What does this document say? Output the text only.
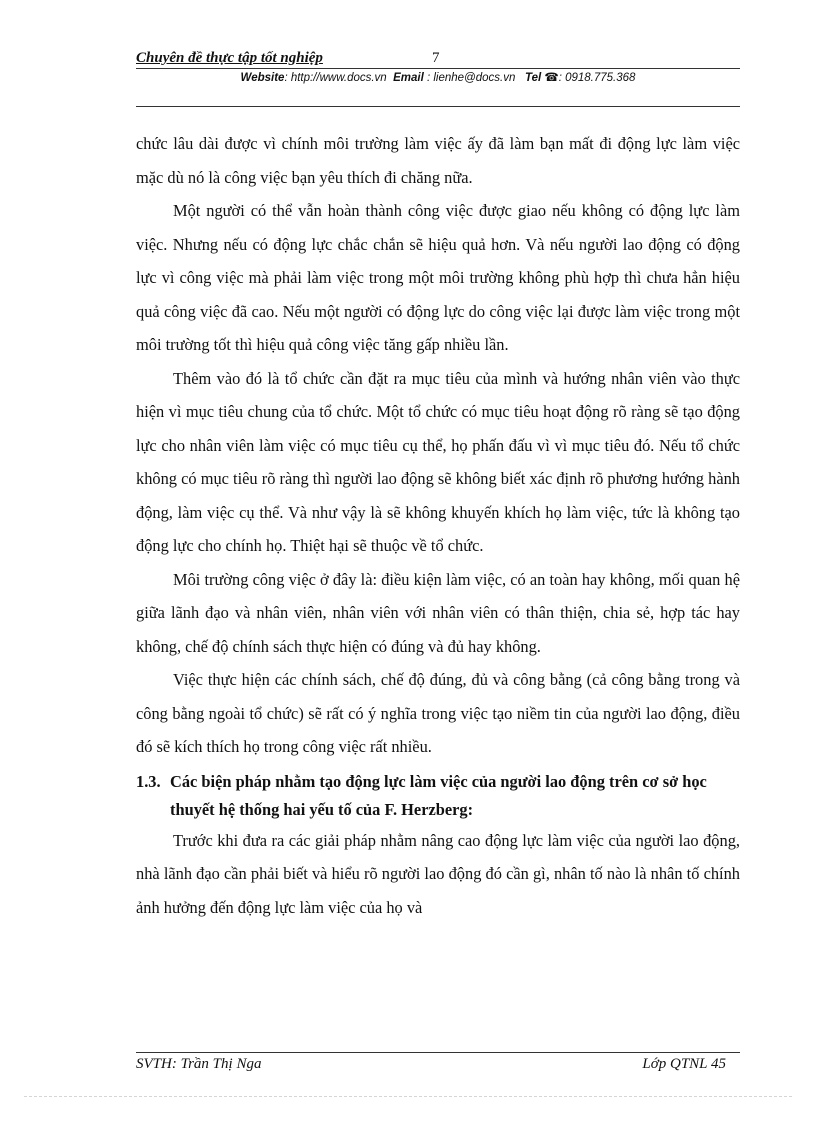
Chuyên đề thực tập tốt nghiệp	7
Website: http://www.docs.vn Email : lienhe@docs.vn Tel ☎: 0918.775.368

chức lâu dài được vì chính môi trường làm việc ấy đã làm bạn mất đi động lực làm việc mặc dù nó là công việc bạn yêu thích đi chăng nữa.

Một người có thể vẫn hoàn thành công việc được giao nếu không có động lực làm việc. Nhưng nếu có động lực chắc chắn sẽ hiệu quả hơn. Và nếu người lao động có động lực vì công việc mà phải làm việc trong một môi trường không phù hợp thì chưa hẳn hiệu quả công việc đã cao. Nếu một người có động lực do công việc lại được làm việc trong một môi trường tốt thì hiệu quả công việc tăng gấp nhiều lần.

Thêm vào đó là tổ chức cần đặt ra mục tiêu của mình và hướng nhân viên vào thực hiện vì mục tiêu chung của tổ chức. Một tổ chức có mục tiêu hoạt động rõ ràng sẽ tạo động lực cho nhân viên làm việc có mục tiêu cụ thể, họ phấn đấu vì vì mục tiêu đó. Nếu tổ chức không có mục tiêu rõ ràng thì người lao động sẽ không biết xác định rõ phương hướng hành động, làm việc cụ thể. Và như vậy là sẽ không khuyến khích họ làm việc, tức là không tạo động lực cho chính họ. Thiệt hại sẽ thuộc về tổ chức.

Môi trường công việc ở đây là: điều kiện làm việc, có an toàn hay không, mối quan hệ giữa lãnh đạo và nhân viên, nhân viên với nhân viên có thân thiện, chia sẻ, hợp tác hay không, chế độ chính sách thực hiện có đúng và đủ hay không.

Việc thực hiện các chính sách, chế độ đúng, đủ và công bằng (cả công bằng trong và công bằng ngoài tổ chức) sẽ rất có ý nghĩa trong việc tạo niềm tin của người lao động, điều đó sẽ kích thích họ trong công việc rất nhiều.

1.3. Các biện pháp nhằm tạo động lực làm việc của người lao động trên cơ sở học thuyết hệ thống hai yếu tố của F. Herzberg:

Trước khi đưa ra các giải pháp nhằm nâng cao động lực làm việc của người lao động, nhà lãnh đạo cần phải biết và hiểu rõ người lao động đó cần gì, nhân tố nào là nhân tố chính ảnh hưởng đến động lực làm việc của họ và

SVTH: Trần Thị Nga	Lớp QTNL 45
